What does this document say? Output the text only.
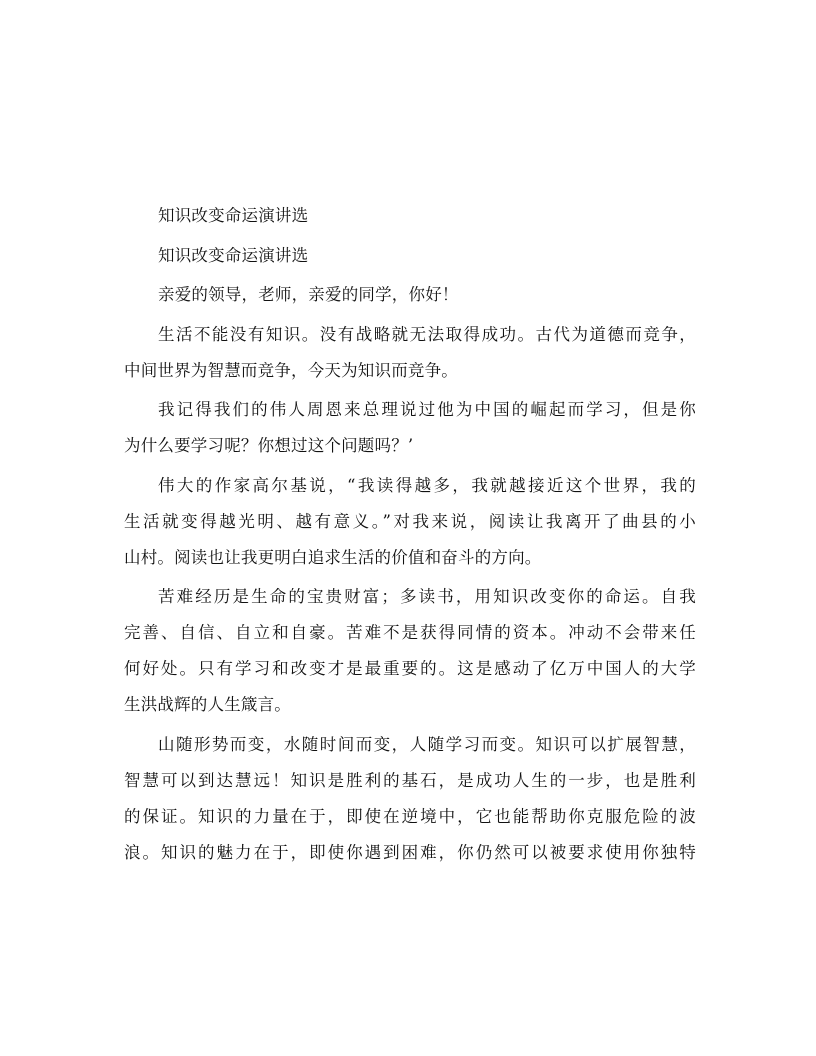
知识改变命运演讲选
知识改变命运演讲选
亲爱的领导，老师，亲爱的同学，你好！
生活不能没有知识。没有战略就无法取得成功。古代为道德而竞争，
中间世界为智慧而竞争，今天为知识而竞争。
我记得我们的伟人周恩来总理说过他为中国的崛起而学习，但是你
为什么要学习呢？你想过这个问题吗？’
伟大的作家高尔基说，“我读得越多，我就越接近这个世界，我的
生活就变得越光明、越有意义。”对我来说，阅读让我离开了曲县的小
山村。阅读也让我更明白追求生活的价值和奋斗的方向。
苦难经历是生命的宝贵财富；多读书，用知识改变你的命运。自我
完善、自信、自立和自豪。苦难不是获得同情的资本。冲动不会带来任
何好处。只有学习和改变才是最重要的。这是感动了亿万中国人的大学
生洪战辉的人生箴言。
山随形势而变，水随时间而变，人随学习而变。知识可以扩展智慧，
智慧可以到达慧远！知识是胜利的基石，是成功人生的一步，也是胜利
的保证。知识的力量在于，即使在逆境中，它也能帮助你克服危险的波
浪。知识的魅力在于，即使你遇到困难，你仍然可以被要求使用你独特
